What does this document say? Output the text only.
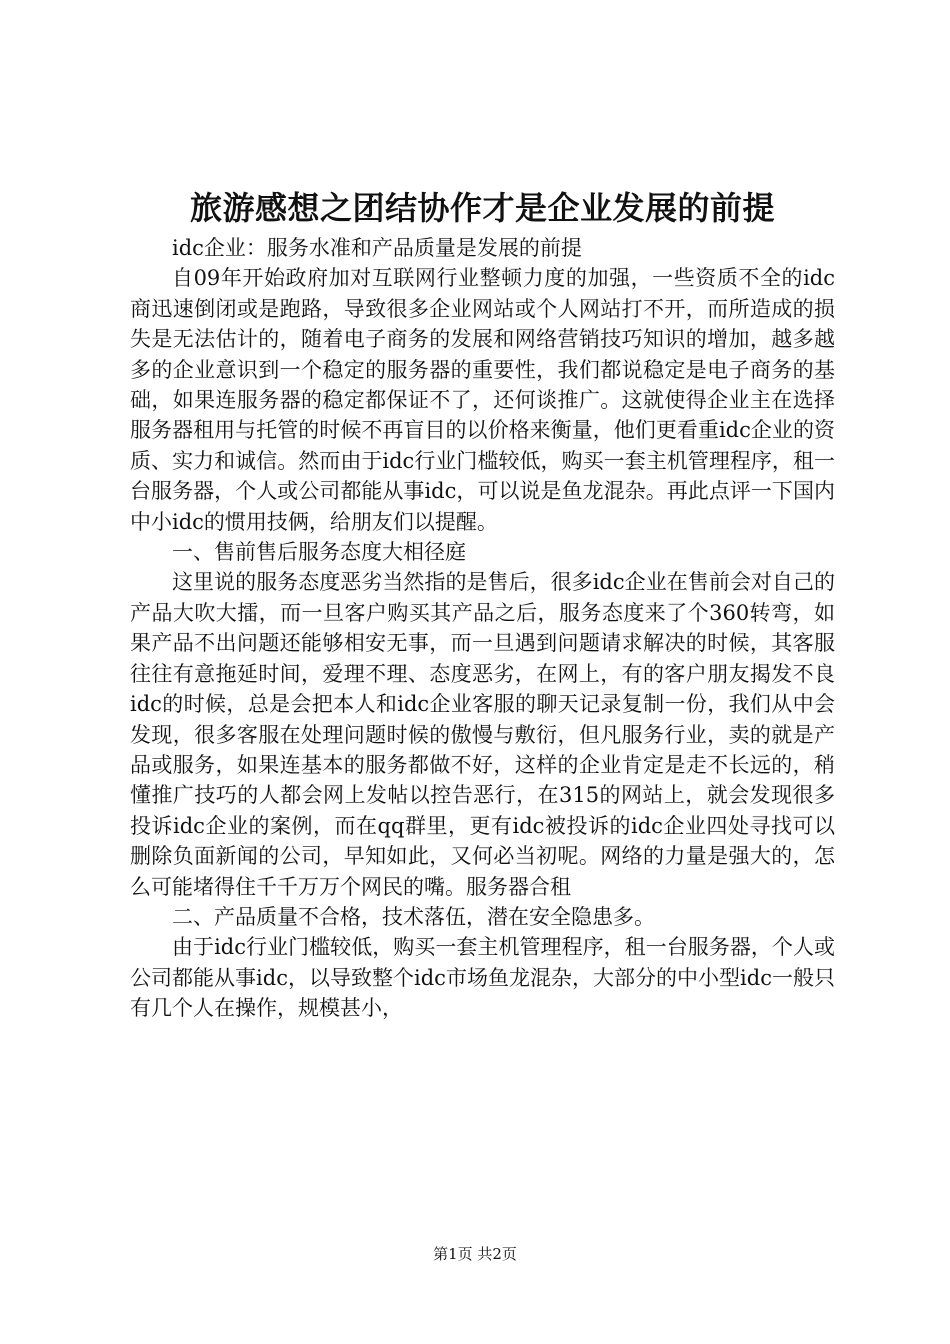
旅游感想之团结协作才是企业发展的前提

idc企业：服务水准和产品质量是发展的前提

自09年开始政府加对互联网行业整顿力度的加强，一些资质不全的idc商迅速倒闭或是跑路，导致很多企业网站或个人网站打不开，而所造成的损失是无法估计的，随着电子商务的发展和网络营销技巧知识的增加，越多越多的企业意识到一个稳定的服务器的重要性，我们都说稳定是电子商务的基础，如果连服务器的稳定都保证不了，还何谈推广。这就使得企业主在选择服务器租用与托管的时候不再盲目的以价格来衡量，他们更看重idc企业的资质、实力和诚信。然而由于idc行业门槛较低，购买一套主机管理程序，租一台服务器，个人或公司都能从事idc，可以说是鱼龙混杂。再此点评一下国内中小idc的惯用技俩，给朋友们以提醒。

一、售前售后服务态度大相径庭

这里说的服务态度恶劣当然指的是售后，很多idc企业在售前会对自己的产品大吹大擂，而一旦客户购买其产品之后，服务态度来了个360转弯，如果产品不出问题还能够相安无事，而一旦遇到问题请求解决的时候，其客服往往有意拖延时间，爱理不理、态度恶劣，在网上，有的客户朋友揭发不良idc的时候，总是会把本人和idc企业客服的聊天记录复制一份，我们从中会发现，很多客服在处理问题时候的傲慢与敷衍，但凡服务行业，卖的就是产品或服务，如果连基本的服务都做不好，这样的企业肯定是走不长远的，稍懂推广技巧的人都会网上发帖以控告恶行，在315的网站上，就会发现很多投诉idc企业的案例，而在qq群里，更有idc被投诉的idc企业四处寻找可以删除负面新闻的公司，早知如此，又何必当初呢。网络的力量是强大的，怎么可能堵得住千千万万个网民的嘴。服务器合租

二、产品质量不合格，技术落伍，潜在安全隐患多。

由于idc行业门槛较低，购买一套主机管理程序，租一台服务器，个人或公司都能从事idc，以导致整个idc市场鱼龙混杂，大部分的中小型idc一般只有几个人在操作，规模甚小，

第1页 共2页
